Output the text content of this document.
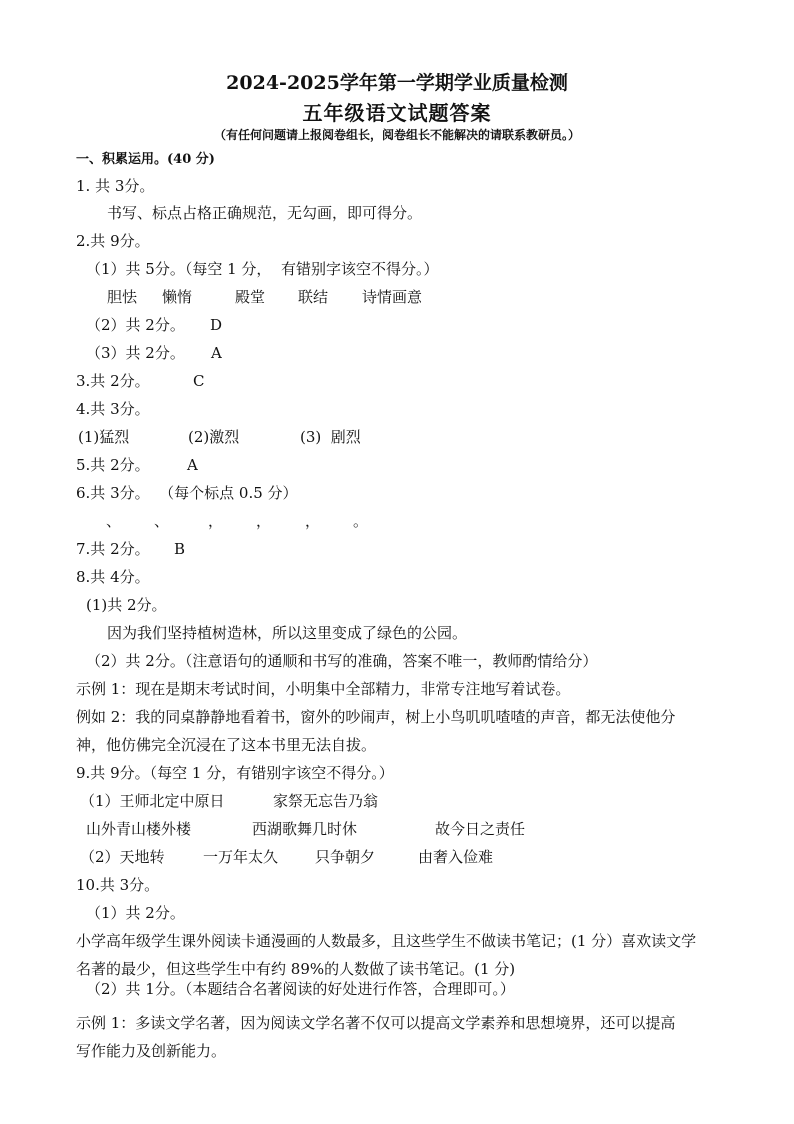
2024-2025学年第一学期学业质量检测
五年级语文试题答案
（有任何问题请上报阅卷组长，阅卷组长不能解决的请联系教研员。）
一、积累运用。(40 分)
1. 共 3分。
书写、标点占格正确规范，无勾画，即可得分。
2.共 9分。
（1）共 5分。（每空 1 分，  有错别字该空不得分。）
胆怯 懒惰	殿堂 联结 诗情画意
（2）共 2分。 D
（3）共 2分。 A
3.共 2分。	C
4.共 3分。
(1)猛烈	(2)激烈	(3)  剧烈
5.共 2分。 A
6.共 3分。  （每个标点 0.5 分）
、 、	， ， ， 。
7.共 2分。 B
8.共 4分。
(1)共 2分。
因为我们坚持植树造林，所以这里变成了绿色的公园。
（2）共 2分。（注意语句的通顺和书写的准确，答案不唯一，教师酌情给分）
示例 1：现在是期末考试时间，小明集中全部精力，非常专注地写着试卷。
例如 2：我的同桌静静地看着书，窗外的吵闹声，树上小鸟叽叽喳喳的声音，都无法使他分
神，他仿佛完全沉浸在了这本书里无法自拔。
9.共 9分。（每空 1 分，有错别字该空不得分。）
（1）王师北定中原日	家祭无忘告乃翁
山外青山楼外楼	西湖歌舞几时休	故今日之责任
（2）天地转	一万年太久 只争朝夕	由奢入俭难
10.共 3分。
（1）共 2分。
小学高年级学生课外阅读卡通漫画的人数最多，且这些学生不做读书笔记；(1 分）喜欢读文学
名著的最少，但这些学生中有约 89%的人数做了读书笔记。(1 分)
（2）共 1分。（本题结合名著阅读的好处进行作答，合理即可。）
示例 1：多读文学名著，因为阅读文学名著不仅可以提高文学素养和思想境界，还可以提高
写作能力及创新能力。
